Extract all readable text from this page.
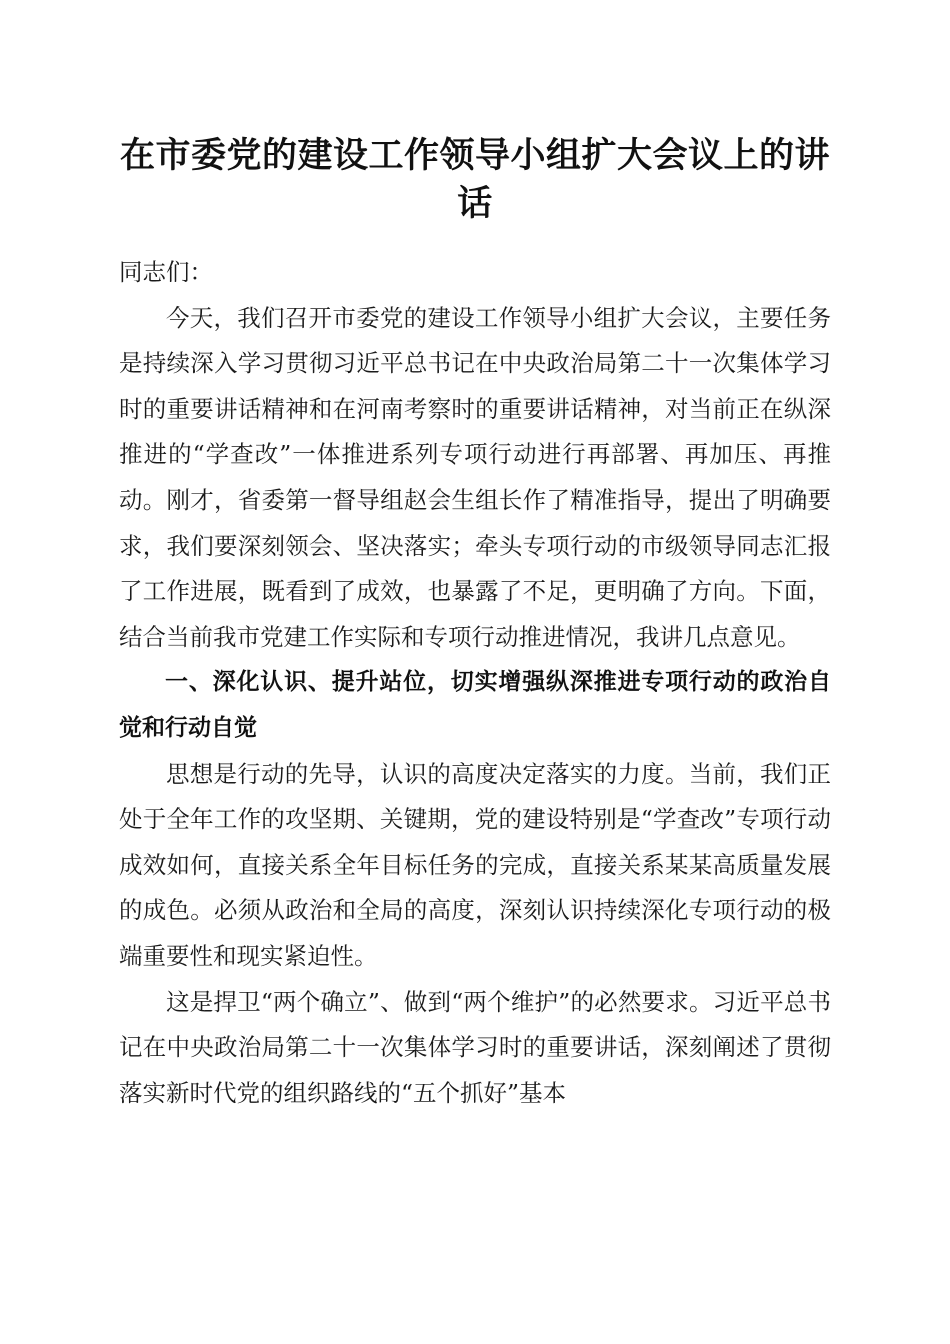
在市委党的建设工作领导小组扩大会议上的讲话

同志们：

今天，我们召开市委党的建设工作领导小组扩大会议，主要任务是持续深入学习贯彻习近平总书记在中央政治局第二十一次集体学习时的重要讲话精神和在河南考察时的重要讲话精神，对当前正在纵深推进的“学查改”一体推进系列专项行动进行再部署、再加压、再推动。刚才，省委第一督导组赵会生组长作了精准指导，提出了明确要求，我们要深刻领会、坚决落实；牵头专项行动的市级领导同志汇报了工作进展，既看到了成效，也暴露了不足，更明确了方向。下面，结合当前我市党建工作实际和专项行动推进情况，我讲几点意见。

一、深化认识、提升站位，切实增强纵深推进专项行动的政治自觉和行动自觉

思想是行动的先导，认识的高度决定落实的力度。当前，我们正处于全年工作的攻坚期、关键期，党的建设特别是“学查改”专项行动成效如何，直接关系全年目标任务的完成，直接关系某某高质量发展的成色。必须从政治和全局的高度，深刻认识持续深化专项行动的极端重要性和现实紧迫性。

这是捍卫“两个确立”、做到“两个维护”的必然要求。习近平总书记在中央政治局第二十一次集体学习时的重要讲话，深刻阐述了贯彻落实新时代党的组织路线的“五个抓好”基本
